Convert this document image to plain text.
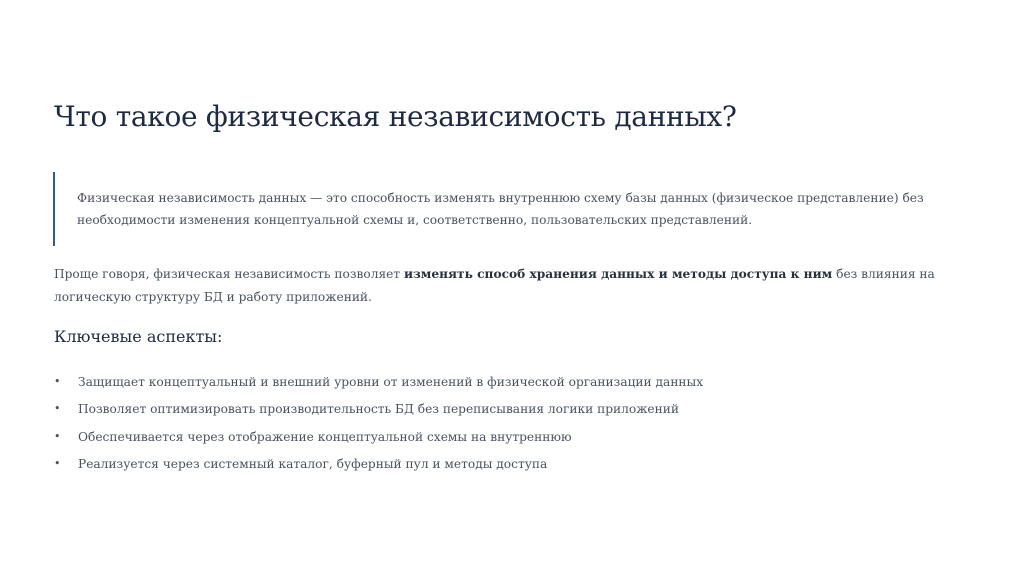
Что такое физическая независимость данных?

Физическая независимость данных — это способность изменять внутреннюю схему базы данных (физическое представление) без необходимости изменения концептуальной схемы и, соответственно, пользовательских представлений.

Проще говоря, физическая независимость позволяет изменять способ хранения данных и методы доступа к ним без влияния на логическую структуру БД и работу приложений.

Ключевые аспекты:
• Защищает концептуальный и внешний уровни от изменений в физической организации данных
• Позволяет оптимизировать производительность БД без переписывания логики приложений
• Обеспечивается через отображение концептуальной схемы на внутреннюю
• Реализуется через системный каталог, буферный пул и методы доступа
